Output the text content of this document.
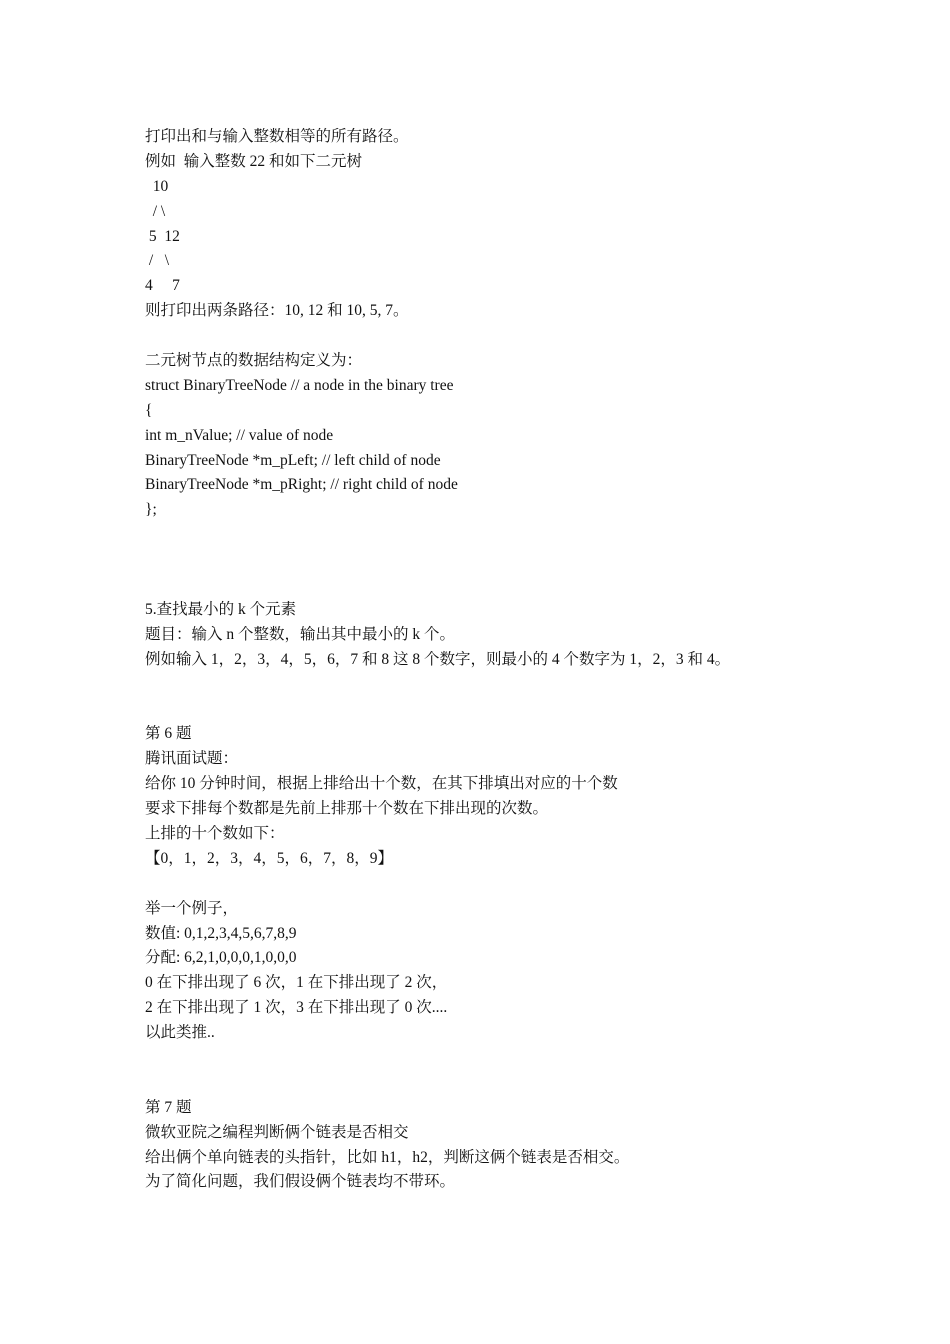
打印出和与输入整数相等的所有路径。
例如  输入整数 22 和如下二元树
10
/ \
5  12
/   \
4     7
则打印出两条路径：10, 12 和 10, 5, 7。
二元树节点的数据结构定义为：
struct BinaryTreeNode // a node in the binary tree
{
int m_nValue; // value of node
BinaryTreeNode *m_pLeft; // left child of node
BinaryTreeNode *m_pRight; // right child of node
};
5.查找最小的 k 个元素
题目：输入 n 个整数，输出其中最小的 k 个。
例如输入 1，2，3，4，5，6，7 和 8 这 8 个数字，则最小的 4 个数字为 1，2，3 和 4。
第 6 题
腾讯面试题：
给你 10 分钟时间，根据上排给出十个数，在其下排填出对应的十个数
要求下排每个数都是先前上排那十个数在下排出现的次数。
上排的十个数如下：
【0，1，2，3，4，5，6，7，8，9】
举一个例子，
数值: 0,1,2,3,4,5,6,7,8,9
分配: 6,2,1,0,0,0,1,0,0,0
0 在下排出现了 6 次，1 在下排出现了 2 次，
2 在下排出现了 1 次，3 在下排出现了 0 次....
以此类推..
第 7 题
微软亚院之编程判断俩个链表是否相交
给出俩个单向链表的头指针，比如 h1，h2，判断这俩个链表是否相交。
为了简化问题，我们假设俩个链表均不带环。
